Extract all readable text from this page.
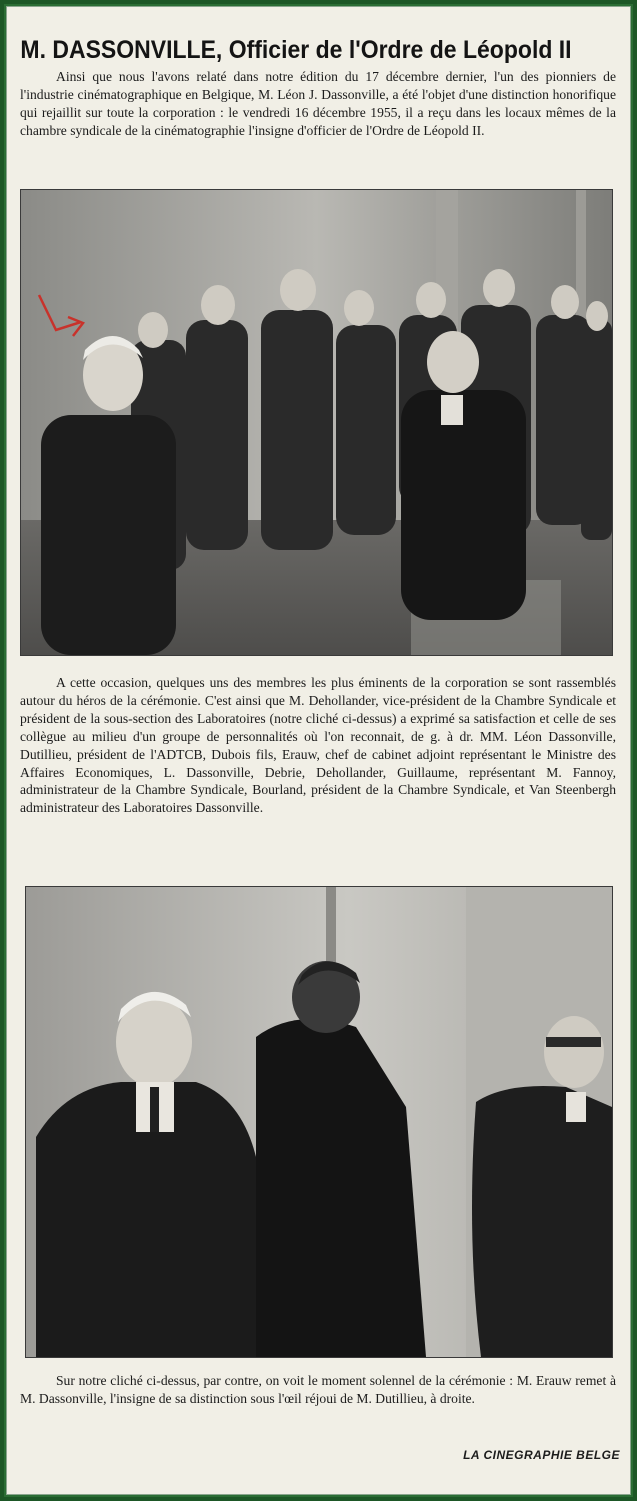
M. DASSONVILLE, Officier de l'Ordre de Léopold II
Ainsi que nous l'avons relaté dans notre édition du 17 décembre dernier, l'un des pionniers de l'industrie cinématographique en Belgique, M. Léon J. Dassonville, a été l'objet d'une distinction honorifique qui rejaillit sur toute la corporation : le vendredi 16 décembre 1955, il a reçu dans les locaux mêmes de la chambre syndicale de la cinématographie l'insigne d'officier de l'Ordre de Léopold II.
A cette occasion, quelques uns des membres les plus éminents de la corporation se sont rassemblés autour du héros de la cérémonie. C'est ainsi que M. Dehollander, vice-président de la Chambre Syndicale et président de la sous-section des Laboratoires (notre cliché ci-dessus) a exprimé sa satisfaction et celle de ses collègue au milieu d'un groupe de personnalités où l'on reconnait, de g. à dr. MM. Léon Dassonville, Dutillieu, président de l'ADTCB, Dubois fils, Erauw, chef de cabinet adjoint représentant le Ministre des Affaires Economiques, L. Dassonville, Debrie, Dehollander, Guillaume, représentant M. Fannoy, administrateur de la Chambre Syndicale, Bourland, président de la Chambre Syndicale, et Van Steenbergh administrateur des Laboratoires Dassonville.
Sur notre cliché ci-dessus, par contre, on voit le moment solennel de la cérémonie : M. Erauw remet à M. Dassonville, l'insigne de sa distinction sous l'œil réjoui de M. Dutillieu, à droite.
LA CINEGRAPHIE BELGE
